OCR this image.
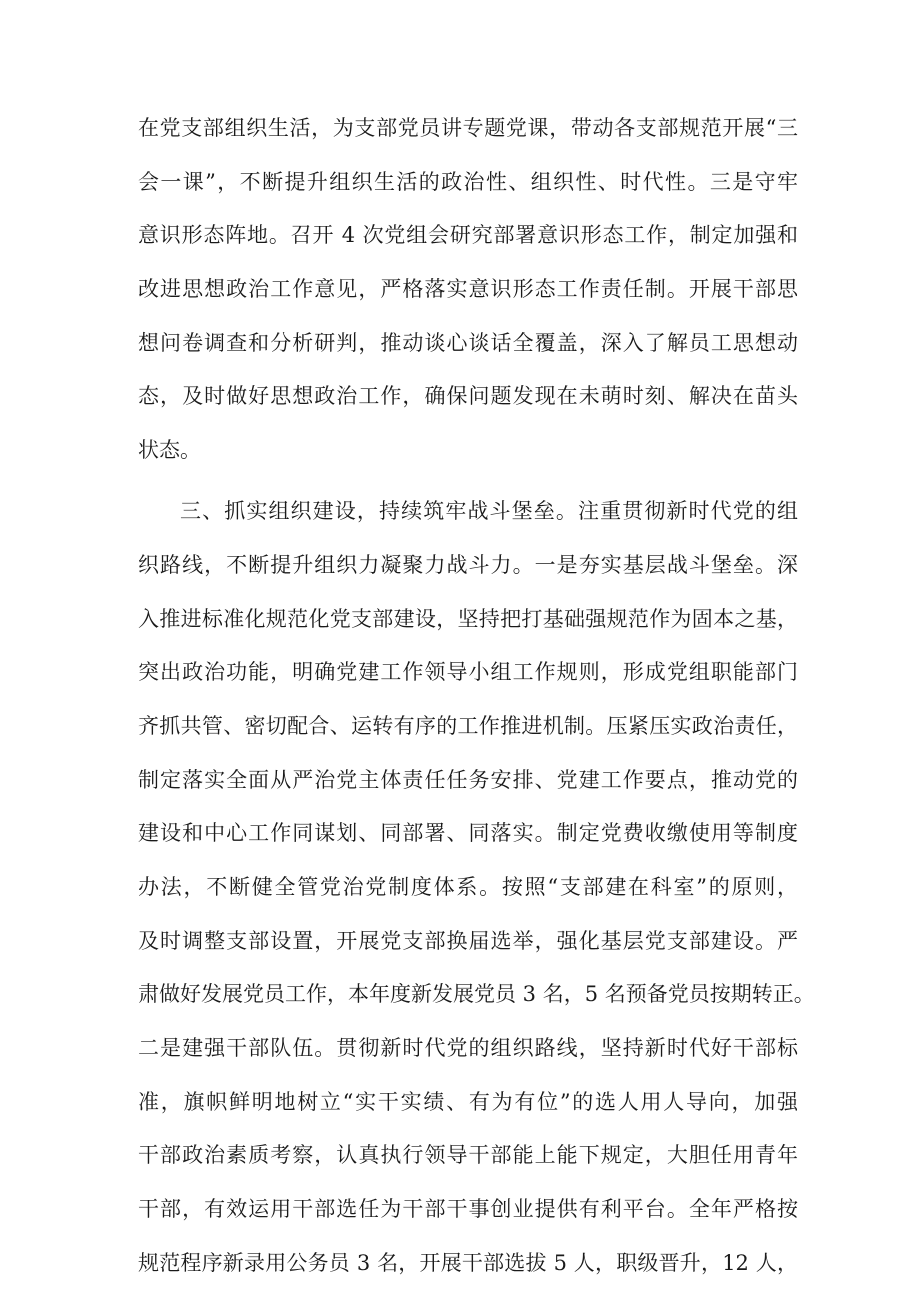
在党支部组织生活，为支部党员讲专题党课，带动各支部规范开展“三
会一课”，不断提升组织生活的政治性、组织性、时代性。三是守牢
意识形态阵地。召开 4 次党组会研究部署意识形态工作，制定加强和
改进思想政治工作意见，严格落实意识形态工作责任制。开展干部思
想问卷调查和分析研判，推动谈心谈话全覆盖，深入了解员工思想动
态，及时做好思想政治工作，确保问题发现在未萌时刻、解决在苗头
状态。
三、抓实组织建设，持续筑牢战斗堡垒。注重贯彻新时代党的组
织路线，不断提升组织力凝聚力战斗力。一是夯实基层战斗堡垒。深
入推进标准化规范化党支部建设，坚持把打基础强规范作为固本之基，
突出政治功能，明确党建工作领导小组工作规则，形成党组职能部门
齐抓共管、密切配合、运转有序的工作推进机制。压紧压实政治责任，
制定落实全面从严治党主体责任任务安排、党建工作要点，推动党的
建设和中心工作同谋划、同部署、同落实。制定党费收缴使用等制度
办法，不断健全管党治党制度体系。按照“支部建在科室”的原则，
及时调整支部设置，开展党支部换届选举，强化基层党支部建设。严
肃做好发展党员工作，本年度新发展党员 3 名，5 名预备党员按期转正。
二是建强干部队伍。贯彻新时代党的组织路线，坚持新时代好干部标
准，旗帜鲜明地树立“实干实绩、有为有位”的选人用人导向，加强
干部政治素质考察，认真执行领导干部能上能下规定，大胆任用青年
干部，有效运用干部选任为干部干事创业提供有利平台。全年严格按
规范程序新录用公务员 3 名，开展干部选拔 5 人，职级晋升，12 人，
